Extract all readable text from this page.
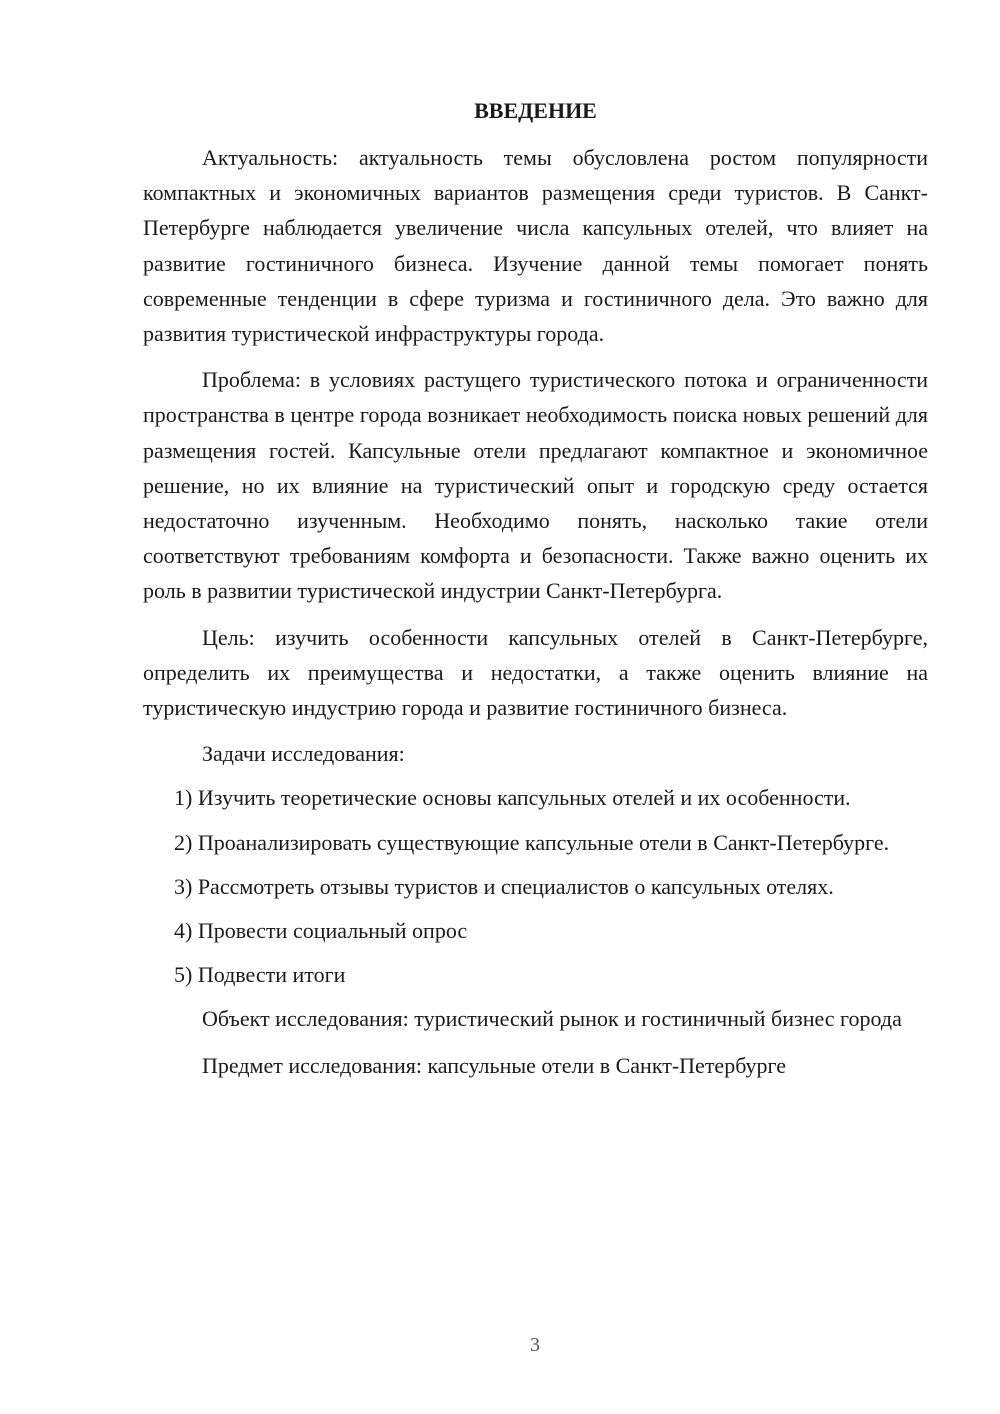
ВВЕДЕНИЕ

Актуальность: актуальность темы обусловлена ростом популярности компактных и экономичных вариантов размещения среди туристов. В Санкт-Петербурге наблюдается увеличение числа капсульных отелей, что влияет на развитие гостиничного бизнеса. Изучение данной темы помогает понять современные тенденции в сфере туризма и гостиничного дела. Это важно для развития туристической инфраструктуры города.

Проблема: в условиях растущего туристического потока и ограниченности пространства в центре города возникает необходимость поиска новых решений для размещения гостей. Капсульные отели предлагают компактное и экономичное решение, но их влияние на туристический опыт и городскую среду остается недостаточно изученным. Необходимо понять, насколько такие отели соответствуют требованиям комфорта и безопасности. Также важно оценить их роль в развитии туристической индустрии Санкт-Петербурга.

Цель: изучить особенности капсульных отелей в Санкт-Петербурге, определить их преимущества и недостатки, а также оценить влияние на туристическую индустрию города и развитие гостиничного бизнеса.

Задачи исследования:

1) Изучить теоретические основы капсульных отелей и их особенности.

2) Проанализировать существующие капсульные отели в Санкт-Петербурге.

3) Рассмотреть отзывы туристов и специалистов о капсульных отелях.

4) Провести социальный опрос

5) Подвести итоги

Объект исследования: туристический рынок и гостиничный бизнес города

Предмет исследования: капсульные отели в Санкт-Петербурге

3
